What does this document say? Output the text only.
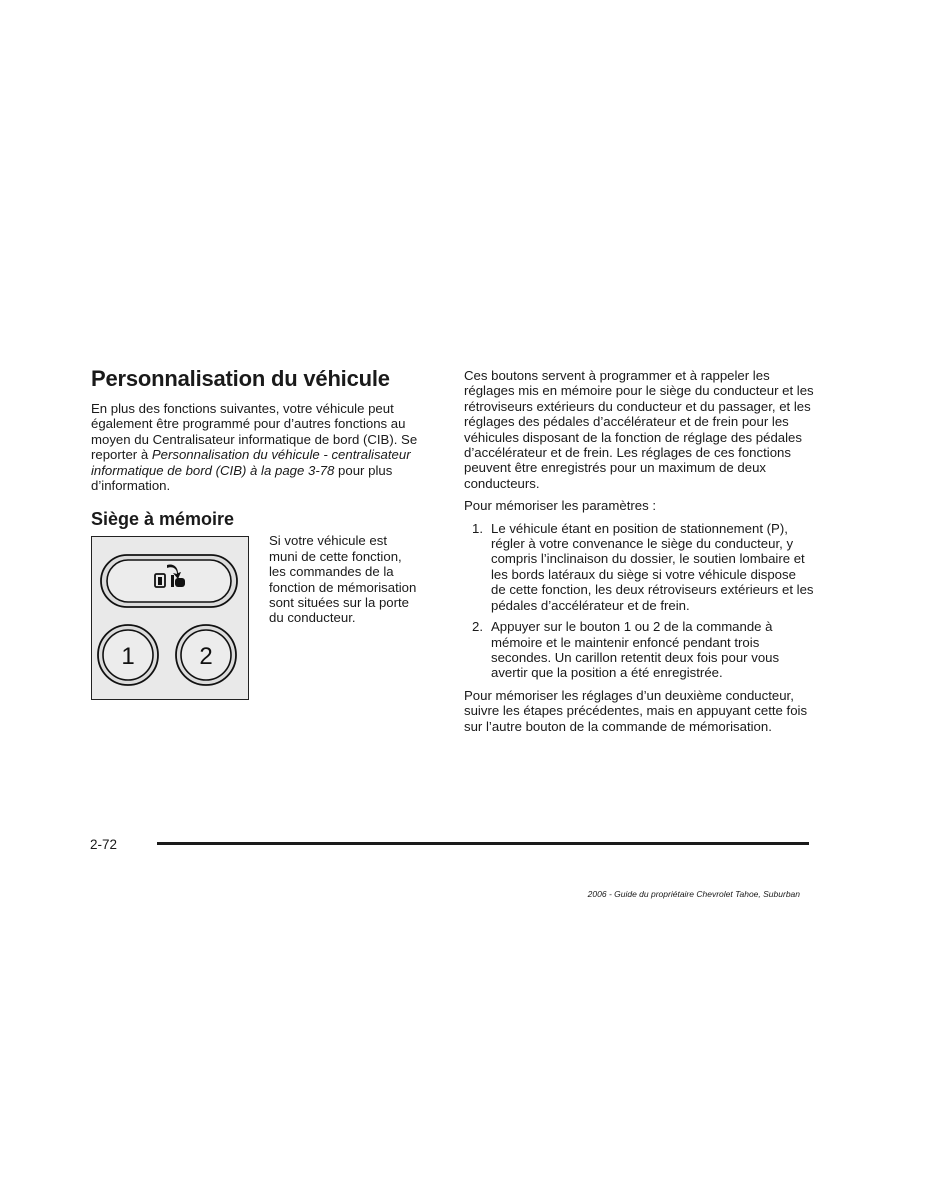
Personnalisation du véhicule

En plus des fonctions suivantes, votre véhicule peut également être programmé pour d’autres fonctions au moyen du Centralisateur informatique de bord (CIB). Se reporter à Personnalisation du véhicule - centralisateur informatique de bord (CIB) à la page 3-78 pour plus d’information.

Siège à mémoire
1	2
Si votre véhicule est muni de cette fonction, les commandes de la fonction de mémorisation sont situées sur la porte du conducteur.

Ces boutons servent à programmer et à rappeler les réglages mis en mémoire pour le siège du conducteur et les rétroviseurs extérieurs du conducteur et du passager, et les réglages des pédales d’accélérateur et de frein pour les véhicules disposant de la fonction de réglage des pédales d’accélérateur et de frein. Les réglages de ces fonctions peuvent être enregistrés pour un maximum de deux conducteurs.

Pour mémoriser les paramètres :

1. Le véhicule étant en position de stationnement (P), régler à votre convenance le siège du conducteur, y compris l’inclinaison du dossier, le soutien lombaire et les bords latéraux du siège si votre véhicule dispose de cette fonction, les deux rétroviseurs extérieurs et les pédales d’accélérateur et de frein.
2. Appuyer sur le bouton 1 ou 2 de la commande à mémoire et le maintenir enfoncé pendant trois secondes. Un carillon retentit deux fois pour vous avertir que la position a été enregistrée.

Pour mémoriser les réglages d’un deuxième conducteur, suivre les étapes précédentes, mais en appuyant cette fois sur l’autre bouton de la commande de mémorisation.

2-72
2006 - Guide du propriétaire Chevrolet Tahoe, Suburban
